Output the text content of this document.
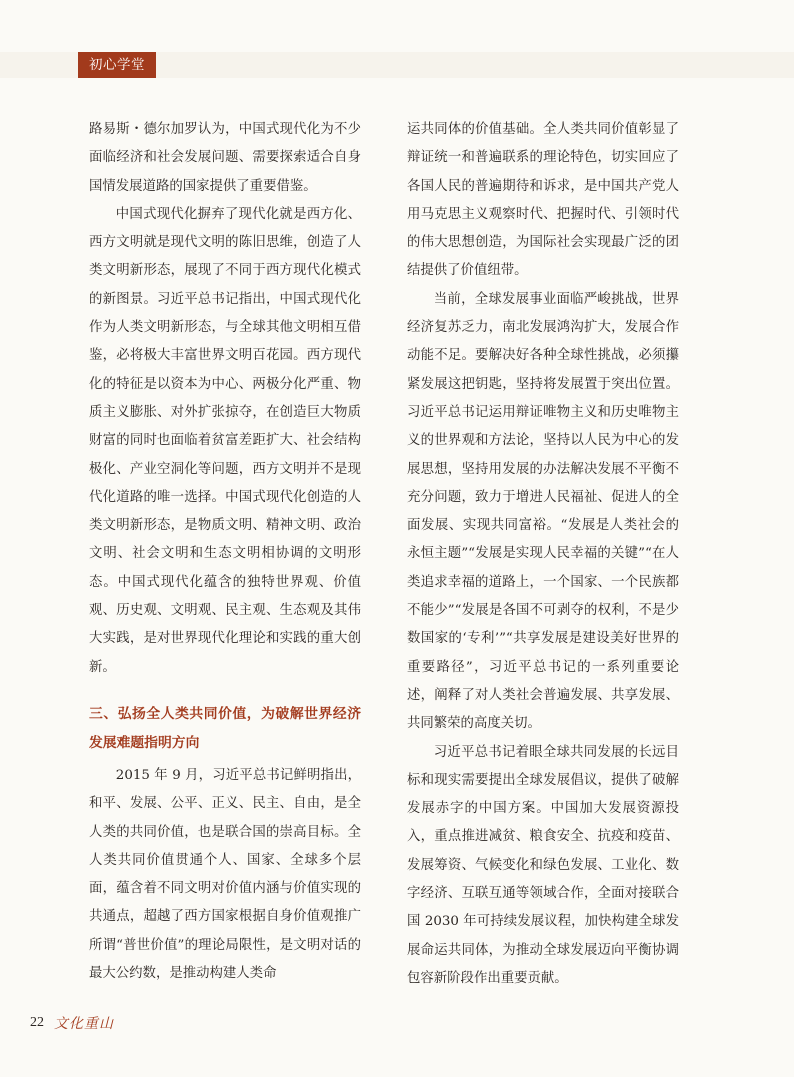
初心学堂

路易斯・德尔加罗认为，中国式现代化为不少面临经济和社会发展问题、需要探索适合自身国情发展道路的国家提供了重要借鉴。

中国式现代化摒弃了现代化就是西方化、西方文明就是现代文明的陈旧思维，创造了人类文明新形态，展现了不同于西方现代化模式的新图景。习近平总书记指出，中国式现代化作为人类文明新形态，与全球其他文明相互借鉴，必将极大丰富世界文明百花园。西方现代化的特征是以资本为中心、两极分化严重、物质主义膨胀、对外扩张掠夺，在创造巨大物质财富的同时也面临着贫富差距扩大、社会结构极化、产业空洞化等问题，西方文明并不是现代化道路的唯一选择。中国式现代化创造的人类文明新形态，是物质文明、精神文明、政治文明、社会文明和生态文明相协调的文明形态。中国式现代化蕴含的独特世界观、价值观、历史观、文明观、民主观、生态观及其伟大实践，是对世界现代化理论和实践的重大创新。

三、弘扬全人类共同价值，为破解世界经济发展难题指明方向

2015 年 9 月，习近平总书记鲜明指出，和平、发展、公平、正义、民主、自由，是全人类的共同价值，也是联合国的崇高目标。全人类共同价值贯通个人、国家、全球多个层面，蕴含着不同文明对价值内涵与价值实现的共通点，超越了西方国家根据自身价值观推广所谓“普世价值”的理论局限性，是文明对话的最大公约数，是推动构建人类命

运共同体的价值基础。全人类共同价值彰显了辩证统一和普遍联系的理论特色，切实回应了各国人民的普遍期待和诉求，是中国共产党人用马克思主义观察时代、把握时代、引领时代的伟大思想创造，为国际社会实现最广泛的团结提供了价值纽带。

当前，全球发展事业面临严峻挑战，世界经济复苏乏力，南北发展鸿沟扩大，发展合作动能不足。要解决好各种全球性挑战，必须攥紧发展这把钥匙，坚持将发展置于突出位置。习近平总书记运用辩证唯物主义和历史唯物主义的世界观和方法论，坚持以人民为中心的发展思想，坚持用发展的办法解决发展不平衡不充分问题，致力于增进人民福祉、促进人的全面发展、实现共同富裕。“发展是人类社会的永恒主题”“发展是实现人民幸福的关键”“在人类追求幸福的道路上，一个国家、一个民族都不能少”“发展是各国不可剥夺的权利，不是少数国家的‘专利’”“共享发展是建设美好世界的重要路径”，习近平总书记的一系列重要论述，阐释了对人类社会普遍发展、共享发展、共同繁荣的高度关切。

习近平总书记着眼全球共同发展的长远目标和现实需要提出全球发展倡议，提供了破解发展赤字的中国方案。中国加大发展资源投入，重点推进减贫、粮食安全、抗疫和疫苗、发展筹资、气候变化和绿色发展、工业化、数字经济、互联互通等领域合作，全面对接联合国 2030 年可持续发展议程，加快构建全球发展命运共同体，为推动全球发展迈向平衡协调包容新阶段作出重要贡献。

22 文化重山
